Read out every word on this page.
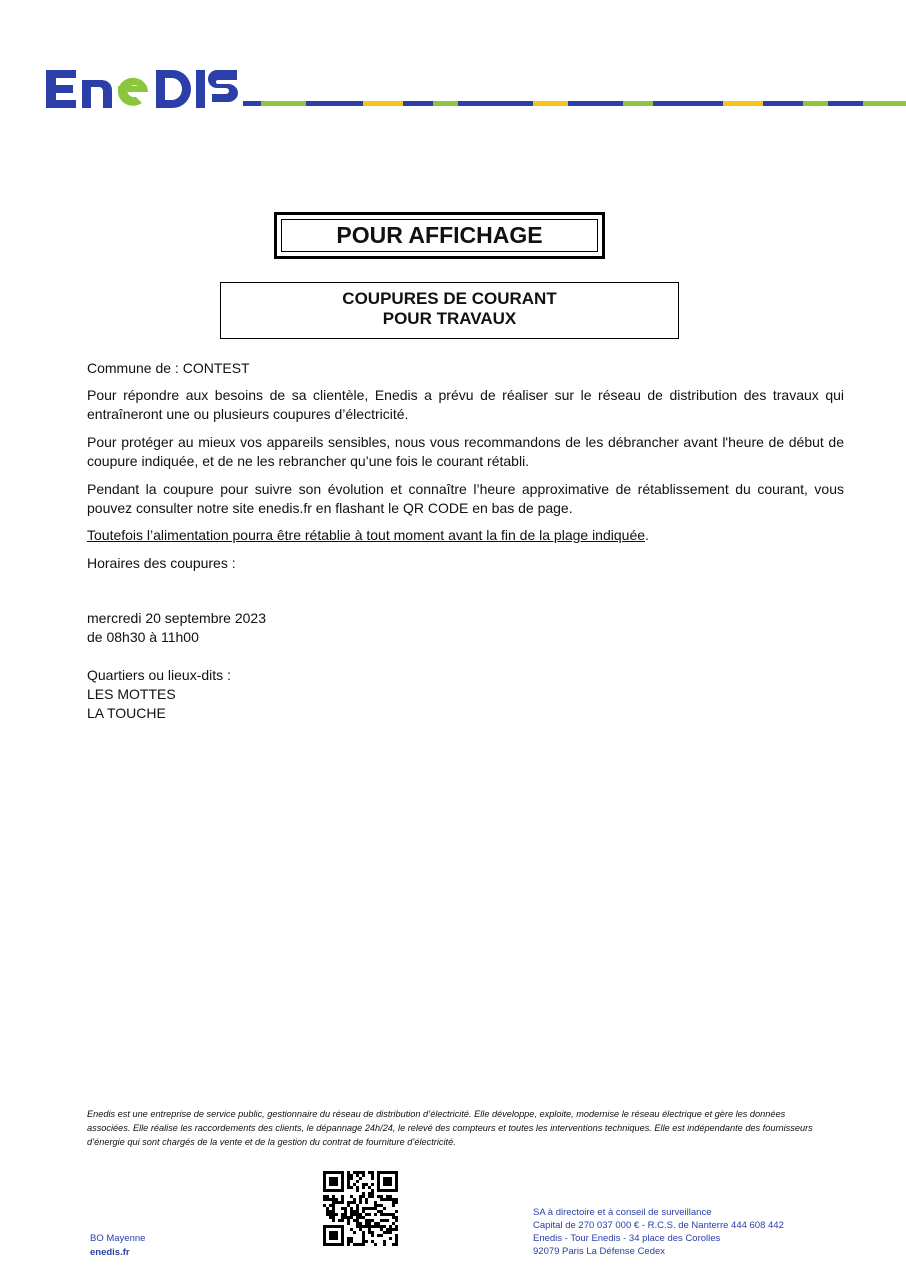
POUR AFFICHAGE
COUPURES DE COURANT
POUR TRAVAUX
Commune de : CONTEST
Pour répondre aux besoins de sa clientèle, Enedis a prévu de réaliser sur le réseau de distribution des travaux qui entraîneront une ou plusieurs coupures d’électricité.
Pour protéger au mieux vos appareils sensibles, nous vous recommandons de les débrancher avant l'heure de début de coupure indiquée, et de ne les rebrancher qu’une fois le courant rétabli.
Pendant la coupure pour suivre son évolution et connaître l’heure approximative de rétablissement du courant, vous pouvez consulter notre site enedis.fr en flashant le QR CODE en bas de page.
Toutefois l’alimentation pourra être rétablie à tout moment avant la fin de la plage indiquée.
Horaires des coupures :
mercredi 20 septembre 2023
de 08h30 à 11h00
Quartiers ou lieux-dits :
LES MOTTES
LA TOUCHE
Enedis est une entreprise de service public, gestionnaire du réseau de distribution d’électricité. Elle développe, exploite, modernise le réseau électrique et gère les données associées. Elle réalise les raccordements des clients, le dépannage 24h/24, le relevé des compteurs et toutes les interventions techniques. Elle est indépendante des fournisseurs d’énergie qui sont chargés de la vente et de la gestion du contrat de fourniture d’électricité.
BO Mayenne
enedis.fr
SA à directoire et à conseil de surveillance
Capital de 270 037 000 € - R.C.S. de Nanterre 444 608 442
Enedis - Tour Enedis - 34 place des Corolles
92079 Paris La Défense Cedex
